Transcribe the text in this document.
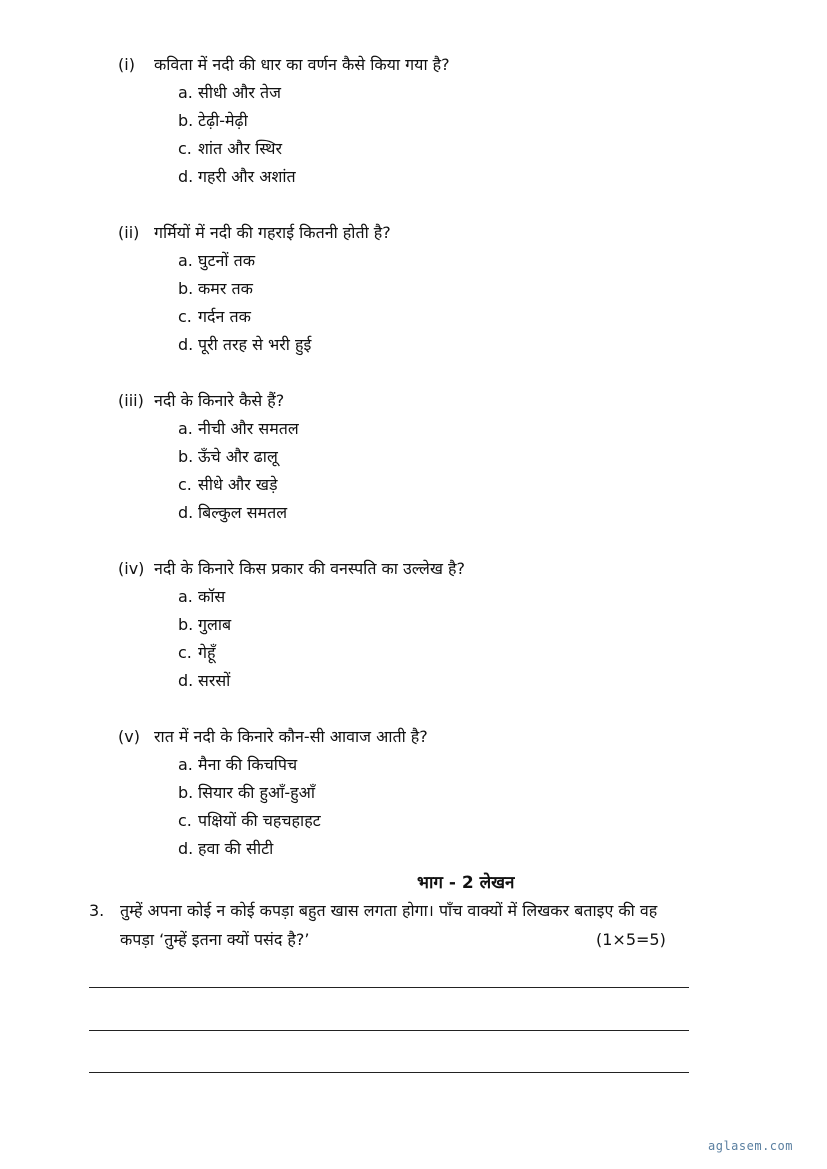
(i) कविता में नदी की धार का वर्णन कैसे किया गया है?
a. सीधी और तेज
b. टेढ़ी-मेढ़ी
c. शांत और स्थिर
d. गहरी और अशांत
(ii) गर्मियों में नदी की गहराई कितनी होती है?
a. घुटनों तक
b. कमर तक
c. गर्दन तक
d. पूरी तरह से भरी हुई
(iii) नदी के किनारे कैसे हैं?
a. नीची और समतल
b. ऊँचे और ढालू
c. सीधे और खड़े
d. बिल्कुल समतल
(iv) नदी के किनारे किस प्रकार की वनस्पति का उल्लेख है?
a. कॉस
b. गुलाब
c. गेहूँ
d. सरसों
(v) रात में नदी के किनारे कौन-सी आवाज आती है?
a. मैना की किचपिच
b. सियार की हुआँ-हुआँ
c. पक्षियों की चहचहाहट
d. हवा की सीटी
भाग - 2 लेखन
3. तुम्हें अपना कोई न कोई कपड़ा बहुत खास लगता होगा। पाँच वाक्यों में लिखकर बताइए की वह
कपड़ा ‘तुम्हें इतना क्यों पसंद है?’	(1×5=5)
aglasem.com
